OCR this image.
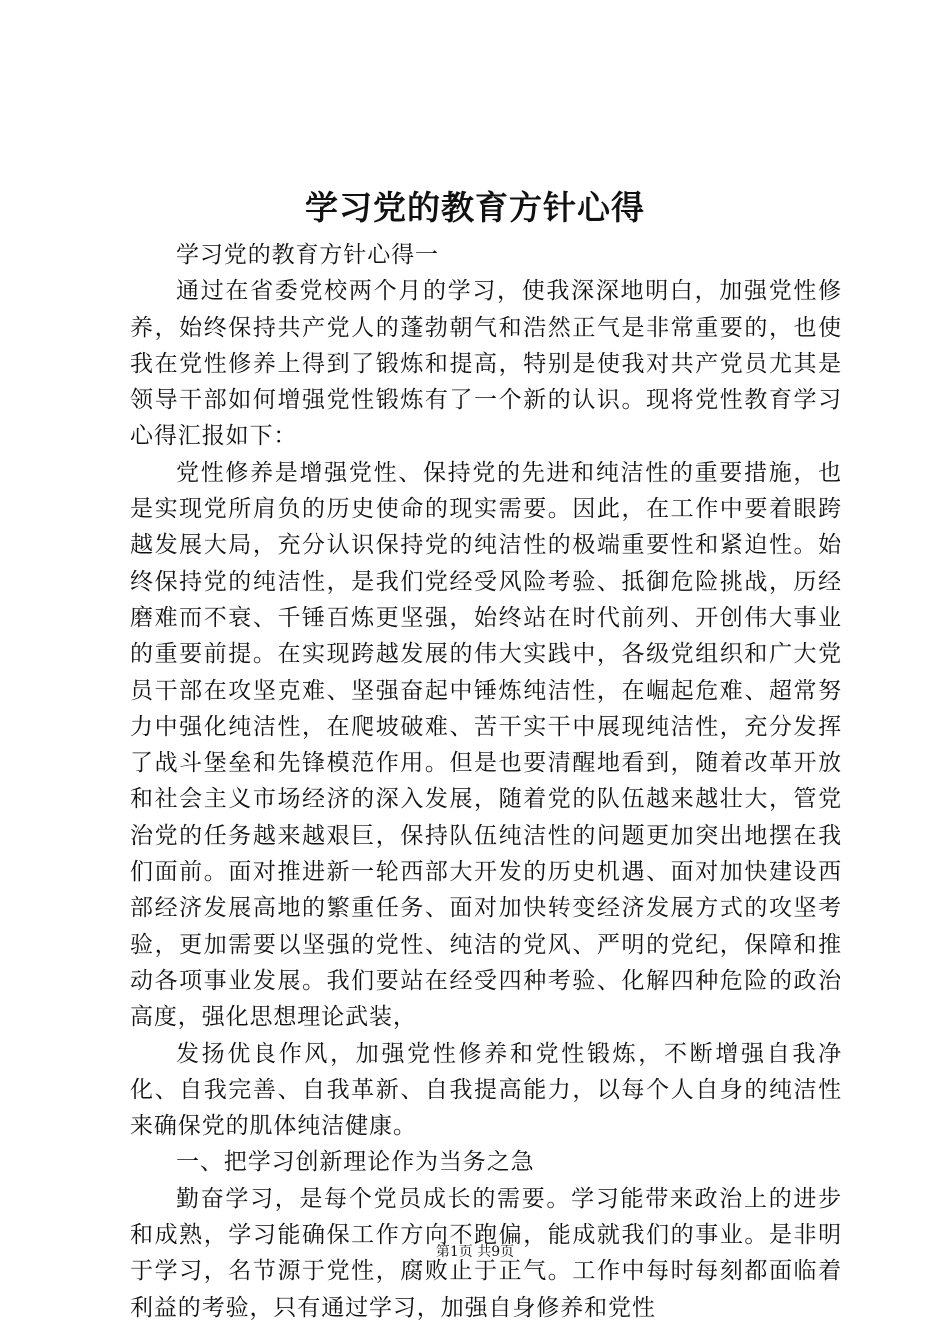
学习党的教育方针心得

学习党的教育方针心得一

通过在省委党校两个月的学习，使我深深地明白，加强党性修养，始终保持共产党人的蓬勃朝气和浩然正气是非常重要的，也使我在党性修养上得到了锻炼和提高，特别是使我对共产党员尤其是领导干部如何增强党性锻炼有了一个新的认识。现将党性教育学习心得汇报如下：

党性修养是增强党性、保持党的先进和纯洁性的重要措施，也是实现党所肩负的历史使命的现实需要。因此，在工作中要着眼跨越发展大局，充分认识保持党的纯洁性的极端重要性和紧迫性。始终保持党的纯洁性，是我们党经受风险考验、抵御危险挑战，历经磨难而不衰、千锤百炼更坚强，始终站在时代前列、开创伟大事业的重要前提。在实现跨越发展的伟大实践中，各级党组织和广大党员干部在攻坚克难、坚强奋起中锤炼纯洁性，在崛起危难、超常努力中强化纯洁性，在爬坡破难、苦干实干中展现纯洁性，充分发挥了战斗堡垒和先锋模范作用。但是也要清醒地看到，随着改革开放和社会主义市场经济的深入发展，随着党的队伍越来越壮大，管党治党的任务越来越艰巨，保持队伍纯洁性的问题更加突出地摆在我们面前。面对推进新一轮西部大开发的历史机遇、面对加快建设西部经济发展高地的繁重任务、面对加快转变经济发展方式的攻坚考验，更加需要以坚强的党性、纯洁的党风、严明的党纪，保障和推动各项事业发展。我们要站在经受四种考验、化解四种危险的政治高度，强化思想理论武装，

发扬优良作风，加强党性修养和党性锻炼，不断增强自我净化、自我完善、自我革新、自我提高能力，以每个人自身的纯洁性来确保党的肌体纯洁健康。

一、把学习创新理论作为当务之急

勤奋学习，是每个党员成长的需要。学习能带来政治上的进步和成熟，学习能确保工作方向不跑偏，能成就我们的事业。是非明于学习，名节源于党性，腐败止于正气。工作中每时每刻都面临着利益的考验，只有通过学习，加强自身修养和党性

第1页 共9页
